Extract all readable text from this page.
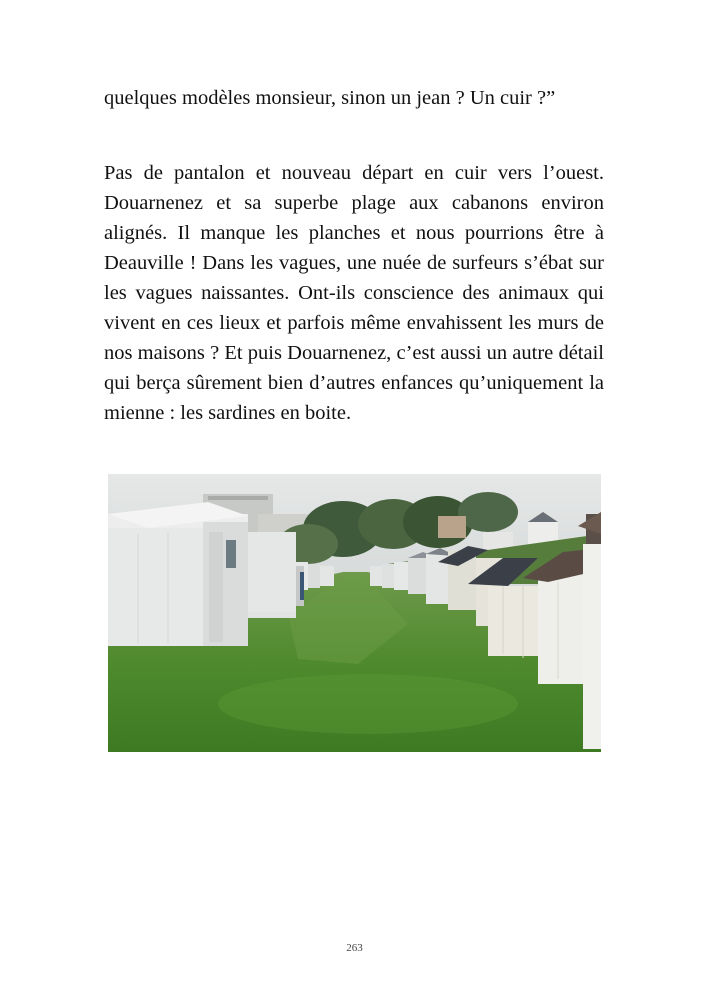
quelques modèles monsieur, sinon un jean ? Un cuir ?”

Pas de pantalon et nouveau départ en cuir vers l’ouest. Douarnenez et sa superbe plage aux cabanons environ alignés. Il manque les planches et nous pourrions être à Deauville ! Dans les vagues, une nuée de surfeurs s’ébat sur les vagues naissantes. Ont-ils conscience des animaux qui vivent en ces lieux et parfois même envahissent les murs de nos maisons ? Et puis Douarnenez, c’est aussi un autre détail qui berça sûrement bien d’autres enfances qu’uniquement la mienne : les sardines en boite.

263
